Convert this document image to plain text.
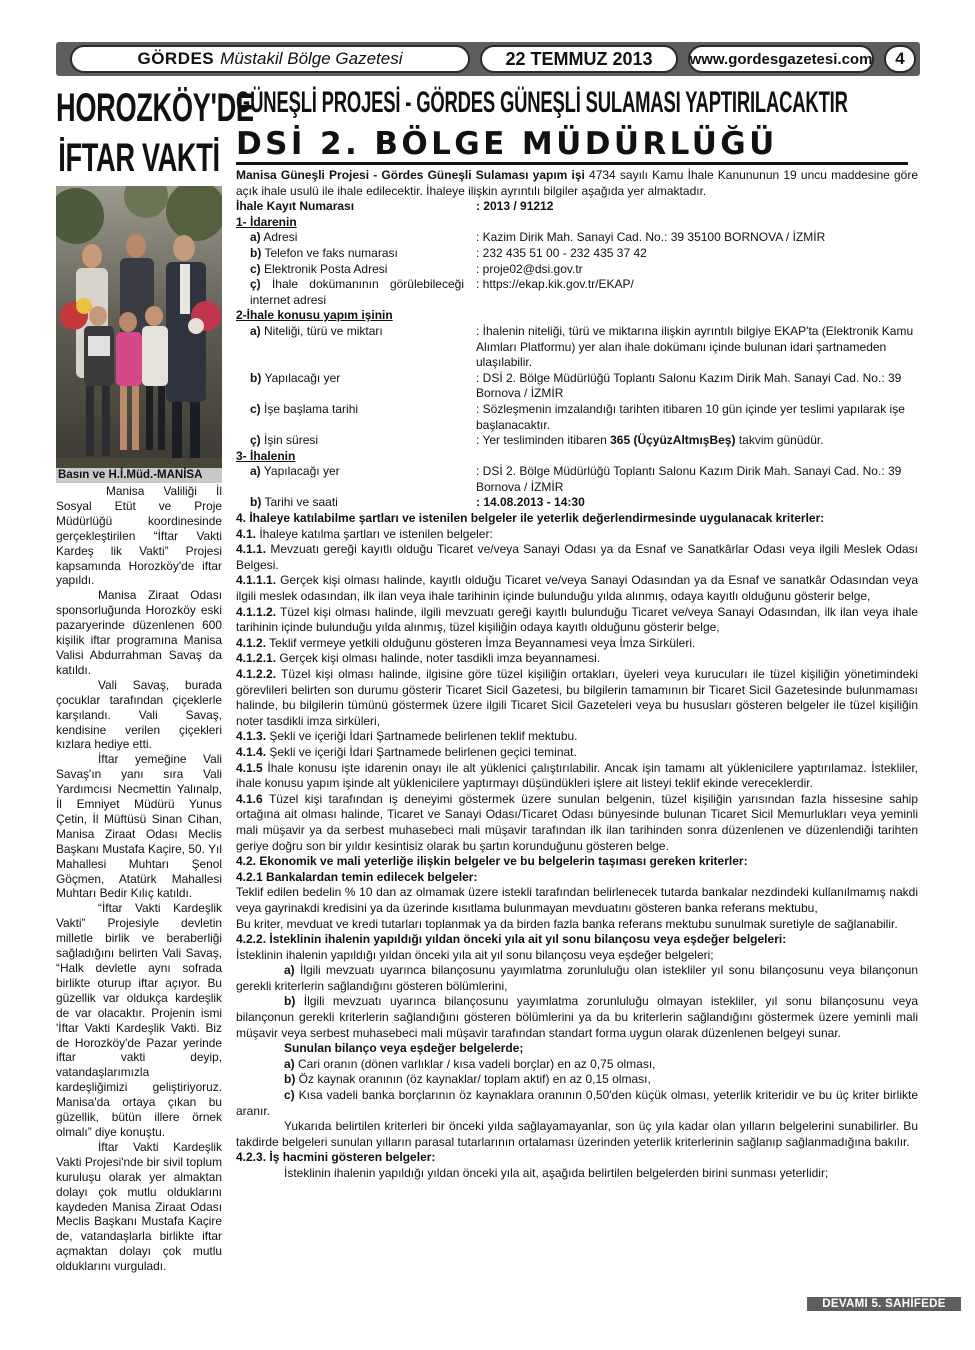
GÖRDES Müstakil Bölge Gazetesi	22 TEMMUZ 2013	www.gordesgazetesi.com	4
HOROZKÖY'DE
İFTAR VAKTİ
Basın ve H.İ.Müd.-MANİSA

Manisa Valiliği İl Sosyal Etüt ve Proje Müdürlüğü koordinesinde gerçekleştirilen “İftar Vakti Kardeş lik Vakti” Projesi kapsamında Horozköy'de iftar yapıldı.

Manisa Ziraat Odası sponsorluğunda Horozköy eski pazaryerinde düzenlenen 600 kişilik iftar programına Manisa Valisi Abdurrahman Savaş da katıldı.

Vali Savaş, burada çocuklar tarafından çiçeklerle karşılandı. Vali Savaş, kendisine verilen çiçekleri kızlara hediye etti.

İftar yemeğine Vali Savaş'ın yanı sıra Vali Yardımcısı Necmettin Yalınalp, İl Emniyet Müdürü Yunus Çetin, İl Müftüsü Sinan Cihan, Manisa Ziraat Odası Meclis Başkanı Mustafa Kaçire, 50. Yıl Mahallesi Muhtarı Şenol Göçmen, Atatürk Mahallesi Muhtarı Bedir Kılıç katıldı.

“İftar Vakti Kardeşlik Vakti” Projesiyle devletin milletle birlik ve beraberliği sağladığını belirten Vali Savaş, “Halk devletle aynı sofrada birlikte oturup iftar açıyor. Bu güzellik var oldukça kardeşlik de var olacaktır. Projenin ismi 'İftar Vakti Kardeşlik Vakti. Biz de Horozköy'de Pazar yerinde iftar vakti deyip, vatandaşlarımızla kardeşliğimizi geliştiriyoruz. Manisa'da ortaya çıkan bu güzellik, bütün illere örnek olmalı” diye konuştu.

İftar Vakti Kardeşlik Vakti Projesi'nde bir sivil toplum kuruluşu olarak yer almaktan dolayı çok mutlu olduklarını kaydeden Manisa Ziraat Odası Meclis Başkanı Mustafa Kaçire de, vatandaşlarla birlikte iftar açmaktan dolayı çok mutlu olduklarını vurguladı.

GÜNEŞLİ PROJESİ - GÖRDES GÜNEŞLİ SULAMASI YAPTIRILACAKTIR
DSİ 2. BÖLGE MÜDÜRLÜĞÜ

Manisa Güneşli Projesi - Gördes Güneşli Sulaması yapım işi 4734 sayılı Kamu İhale Kanununun 19 uncu maddesine göre açık ihale usulü ile ihale edilecektir. İhaleye ilişkin ayrıntılı bilgiler aşağıda yer almaktadır.

İhale Kayıt Numarası	: 2013 / 91212

1- İdarenin

a) Adresi	: Kazim Dirik Mah. Sanayi Cad. No.: 39 35100 BORNOVA / İZMİR
b) Telefon ve faks numarası	: 232 435 51 00 - 232 435 37 42
c) Elektronik Posta Adresi	: proje02@dsi.gov.tr
ç) İhale dokümanının görülebileceği internet adresi
: https://ekap.kik.gov.tr/EKAP/

2-İhale konusu yapım işinin

a) Niteliği, türü ve miktarı	: İhalenin niteliği, türü ve miktarına ilişkin ayrıntılı bilgiye EKAP'ta (Elektronik Kamu Alımları Platformu) yer alan ihale dokümanı içinde bulunan idari şartnameden ulaşılabilir.
b) Yapılacağı yer	: DSİ 2. Bölge Müdürlüğü Toplantı Salonu Kazım Dirik Mah. Sanayi Cad. No.: 39 Bornova / İZMİR
c) İşe başlama tarihi	: Sözleşmenin imzalandığı tarihten itibaren 10 gün içinde yer teslimi yapılarak işe başlanacaktır.
ç) İşin süresi	: Yer tesliminden itibaren 365 (ÜçyüzAltmışBeş) takvim günüdür.

3- İhalenin

a) Yapılacağı yer	: DSİ 2. Bölge Müdürlüğü Toplantı Salonu Kazım Dirik Mah. Sanayi Cad. No.: 39 Bornova / İZMİR
b) Tarihi ve saati	: 14.08.2013 - 14:30

4. İhaleye katılabilme şartları ve istenilen belgeler ile yeterlik değerlendirmesinde uygulanacak kriterler:

4.1. İhaleye katılma şartları ve istenilen belgeler:

4.1.1. Mevzuatı gereği kayıtlı olduğu Ticaret ve/veya Sanayi Odası ya da Esnaf ve Sanatkârlar Odası veya ilgili Meslek Odası Belgesi.

4.1.1.1. Gerçek kişi olması halinde, kayıtlı olduğu Ticaret ve/veya Sanayi Odasından ya da Esnaf ve sanatkâr Odasından veya ilgili meslek odasından, ilk ilan veya ihale tarihinin içinde bulunduğu yılda alınmış, odaya kayıtlı olduğunu gösterir belge,

4.1.1.2. Tüzel kişi olması halinde, ilgili mevzuatı gereği kayıtlı bulunduğu Ticaret ve/veya Sanayi Odasından, ilk ilan veya ihale tarihinin içinde bulunduğu yılda alınmış, tüzel kişiliğin odaya kayıtlı olduğunu gösterir belge,

4.1.2. Teklif vermeye yetkili olduğunu gösteren İmza Beyannamesi veya İmza Sirküleri.

4.1.2.1. Gerçek kişi olması halinde, noter tasdikli imza beyannamesi.

4.1.2.2. Tüzel kişi olması halinde, ilgisine göre tüzel kişiliğin ortakları, üyeleri veya kurucuları ile tüzel kişiliğin yönetimindeki görevlileri belirten son durumu gösterir Ticaret Sicil Gazetesi, bu bilgilerin tamamının bir Ticaret Sicil Gazetesinde bulunmaması halinde, bu bilgilerin tümünü göstermek üzere ilgili Ticaret Sicil Gazeteleri veya bu hususları gösteren belgeler ile tüzel kişiliğin noter tasdikli imza sirküleri,

4.1.3. Şekli ve içeriği İdari Şartnamede belirlenen teklif mektubu.

4.1.4. Şekli ve içeriği İdari Şartnamede belirlenen geçici teminat.

4.1.5 İhale konusu işte idarenin onayı ile alt yüklenici çalıştırılabilir. Ancak işin tamamı alt yüklenicilere yaptırılamaz. İstekliler, ihale konusu yapım işinde alt yüklenicilere yaptırmayı düşündükleri işlere ait listeyi teklif ekinde vereceklerdir.

4.1.6 Tüzel kişi tarafından iş deneyimi göstermek üzere sunulan belgenin, tüzel kişiliğin yarısından fazla hissesine sahip ortağına ait olması halinde, Ticaret ve Sanayi Odası/Ticaret Odası bünyesinde bulunan Ticaret Sicil Memurlukları veya yeminli mali müşavir ya da serbest muhasebeci mali müşavir tarafından ilk ilan tarihinden sonra düzenlenen ve düzenlendiği tarihten geriye doğru son bir yıldır kesintisiz olarak bu şartın korunduğunu gösteren belge.

4.2. Ekonomik ve mali yeterliğe ilişkin belgeler ve bu belgelerin taşıması gereken kriterler:

4.2.1 Bankalardan temin edilecek belgeler:

Teklif edilen bedelin % 10 dan az olmamak üzere istekli tarafından belirlenecek tutarda bankalar nezdindeki kullanılmamış nakdi veya gayrinakdi kredisini ya da üzerinde kısıtlama bulunmayan mevduatını gösteren banka referans mektubu,

Bu kriter, mevduat ve kredi tutarları toplanmak ya da birden fazla banka referans mektubu sunulmak suretiyle de sağlanabilir.

4.2.2. İsteklinin ihalenin yapıldığı yıldan önceki yıla ait yıl sonu bilançosu veya eşdeğer belgeleri:

İsteklinin ihalenin yapıldığı yıldan önceki yıla ait yıl sonu bilançosu veya eşdeğer belgeleri;

a) İlgili mevzuatı uyarınca bilançosunu yayımlatma zorunluluğu olan istekliler yıl sonu bilançosunu veya bilançonun gerekli kriterlerin sağlandığını gösteren bölümlerini,

b) İlgili mevzuatı uyarınca bilançosunu yayımlatma zorunluluğu olmayan istekliler, yıl sonu bilançosunu veya bilançonun gerekli kriterlerin sağlandığını gösteren bölümlerini ya da bu kriterlerin sağlandığını göstermek üzere yeminli mali müşavir veya serbest muhasebeci mali müşavir tarafından standart forma uygun olarak düzenlenen belgeyi sunar.

Sunulan bilanço veya eşdeğer belgelerde;

a) Cari oranın (dönen varlıklar / kısa vadeli borçlar) en az 0,75 olması,

b) Öz kaynak oranının (öz kaynaklar/ toplam aktif) en az 0,15 olması,

c) Kısa vadeli banka borçlarının öz kaynaklara oranının 0,50'den küçük olması, yeterlik kriteridir ve bu üç kriter birlikte aranır.

Yukarıda belirtilen kriterleri bir önceki yılda sağlayamayanlar, son üç yıla kadar olan yılların belgelerini sunabilirler. Bu takdirde belgeleri sunulan yılların parasal tutarlarının ortalaması üzerinden yeterlik kriterlerinin sağlanıp sağlanmadığına bakılır.

4.2.3. İş hacmini gösteren belgeler:

İsteklinin ihalenin yapıldığı yıldan önceki yıla ait, aşağıda belirtilen belgelerden birini sunması yeterlidir;

DEVAMI 5. SAHİFEDE
